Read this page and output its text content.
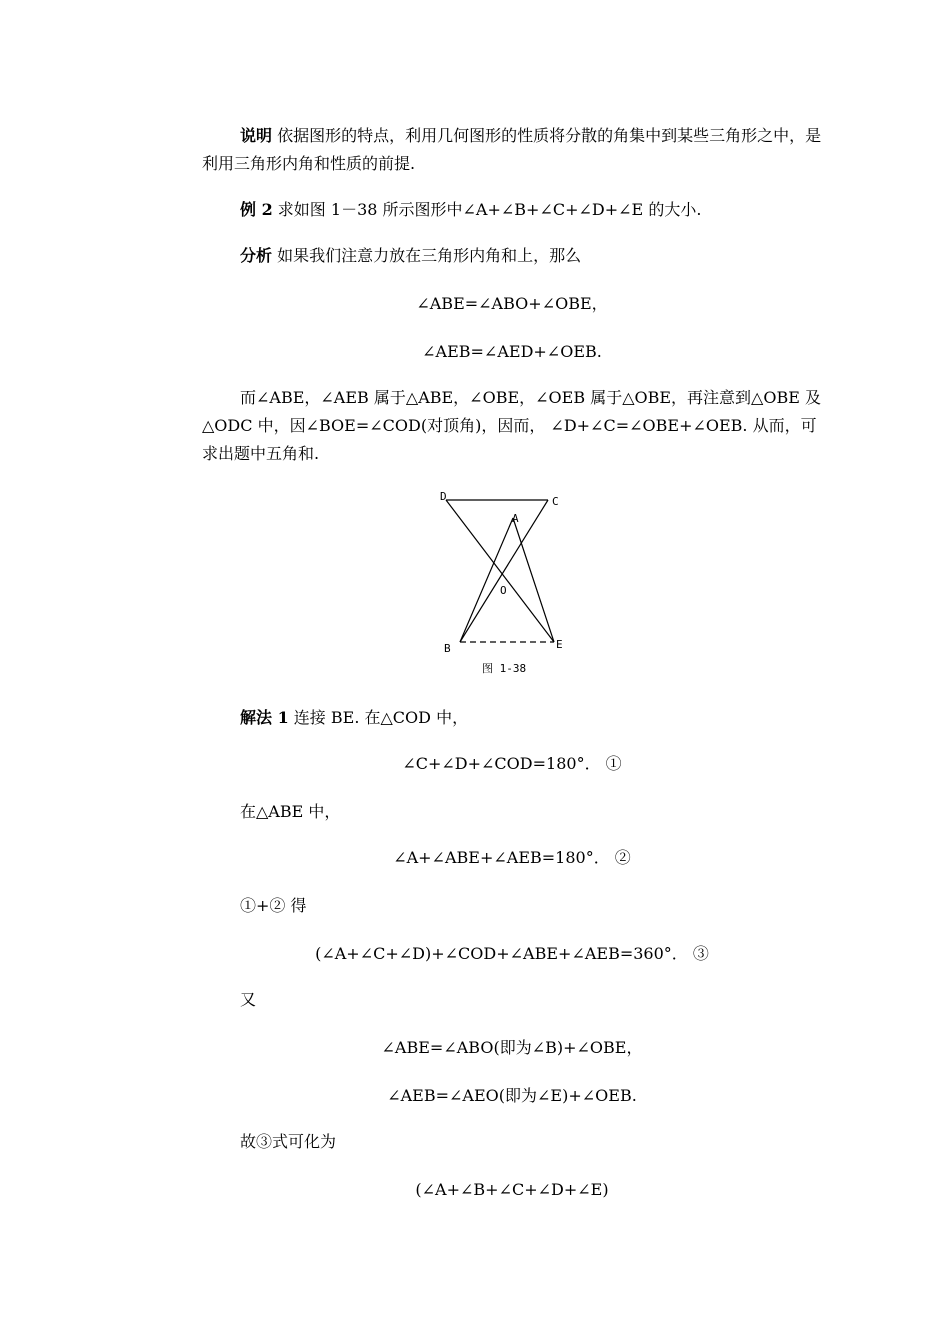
说明 依据图形的特点，利用几何图形的性质将分散的角集中到某些三角形之中，是利用三角形内角和性质的前提.

例 2 求如图 1－38 所示图形中∠A+∠B+∠C+∠D+∠E 的大小.

分析 如果我们注意力放在三角形内角和上，那么

∠ABE=∠ABO+∠OBE，

∠AEB=∠AED+∠OEB.

而∠ABE，∠AEB 属于△ABE，∠OBE，∠OEB 属于△OBE，再注意到△OBE 及△ODC 中，因∠BOE=∠COD(对顶角)，因而， ∠D+∠C=∠OBE+∠OEB. 从而，可求出题中五角和.

D	C
A
O
B	E
图 1-38

解法 1 连接 BE. 在△COD 中，

∠C+∠D+∠COD=180°． ①

在△ABE 中，

∠A+∠ABE+∠AEB=180°． ②

①+② 得

(∠A+∠C+∠D)+∠COD+∠ABE+∠AEB=360°． ③

又

∠ABE=∠ABO(即为∠B)+∠OBE，

∠AEB=∠AEO(即为∠E)+∠OEB.

故③式可化为

(∠A+∠B+∠C+∠D+∠E)
